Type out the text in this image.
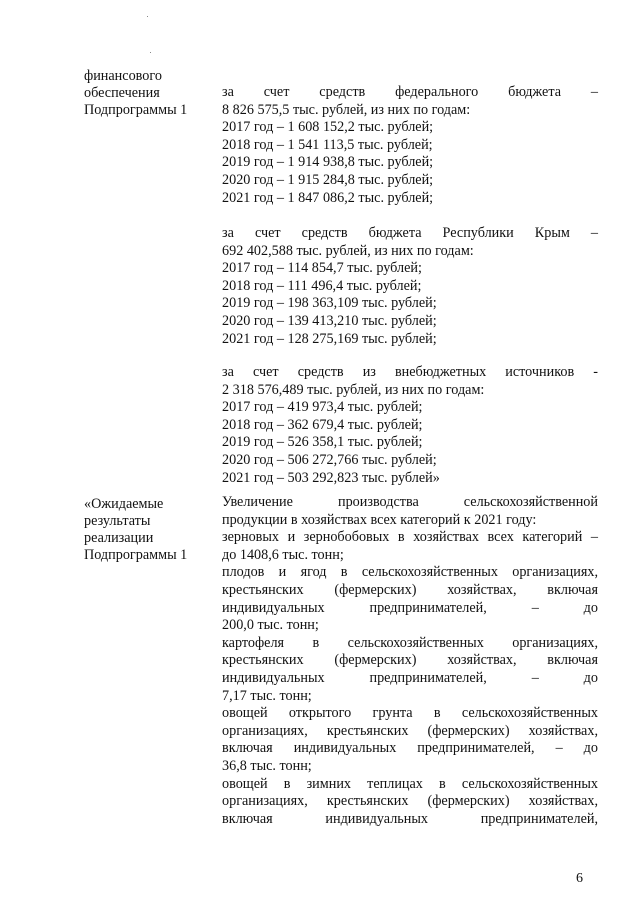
финансового
обеспечения
Подпрограммы 1
за счет средств федерального бюджета –
8 826 575,5 тыс. рублей, из них по годам:
2017 год – 1 608 152,2 тыс. рублей;
2018 год – 1 541 113,5 тыс. рублей;
2019 год – 1 914 938,8 тыс. рублей;
2020 год – 1 915 284,8 тыс. рублей;
2021 год – 1 847 086,2 тыс. рублей;
за счет средств бюджета Республики Крым –
692 402,588 тыс. рублей, из них по годам:
2017 год – 114 854,7 тыс. рублей;
2018 год – 111 496,4 тыс. рублей;
2019 год – 198 363,109 тыс. рублей;
2020 год – 139 413,210 тыс. рублей;
2021 год – 128 275,169 тыс. рублей;
за счет средств из внебюджетных источников -
2 318 576,489 тыс. рублей, из них по годам:
2017 год – 419 973,4 тыс. рублей;
2018 год – 362 679,4 тыс. рублей;
2019 год – 526 358,1 тыс. рублей;
2020 год – 506 272,766 тыс. рублей;
2021 год – 503 292,823 тыс. рублей»
«Ожидаемые
результаты
реализации
Подпрограммы 1
Увеличение производства сельскохозяйственной
продукции в хозяйствах всех категорий к 2021 году:
зерновых и зернобобовых в хозяйствах всех категорий –
до 1408,6 тыс. тонн;
плодов и ягод в сельскохозяйственных организациях,
крестьянских (фермерских) хозяйствах, включая
индивидуальных предпринимателей, – до
200,0 тыс. тонн;
картофеля в сельскохозяйственных организациях,
крестьянских (фермерских) хозяйствах, включая
индивидуальных предпринимателей, – до
7,17 тыс. тонн;
овощей открытого грунта в сельскохозяйственных
организациях, крестьянских (фермерских) хозяйствах,
включая индивидуальных предпринимателей, – до
36,8 тыс. тонн;
овощей в зимних теплицах в сельскохозяйственных
организациях, крестьянских (фермерских) хозяйствах,
включая индивидуальных предпринимателей,
6
